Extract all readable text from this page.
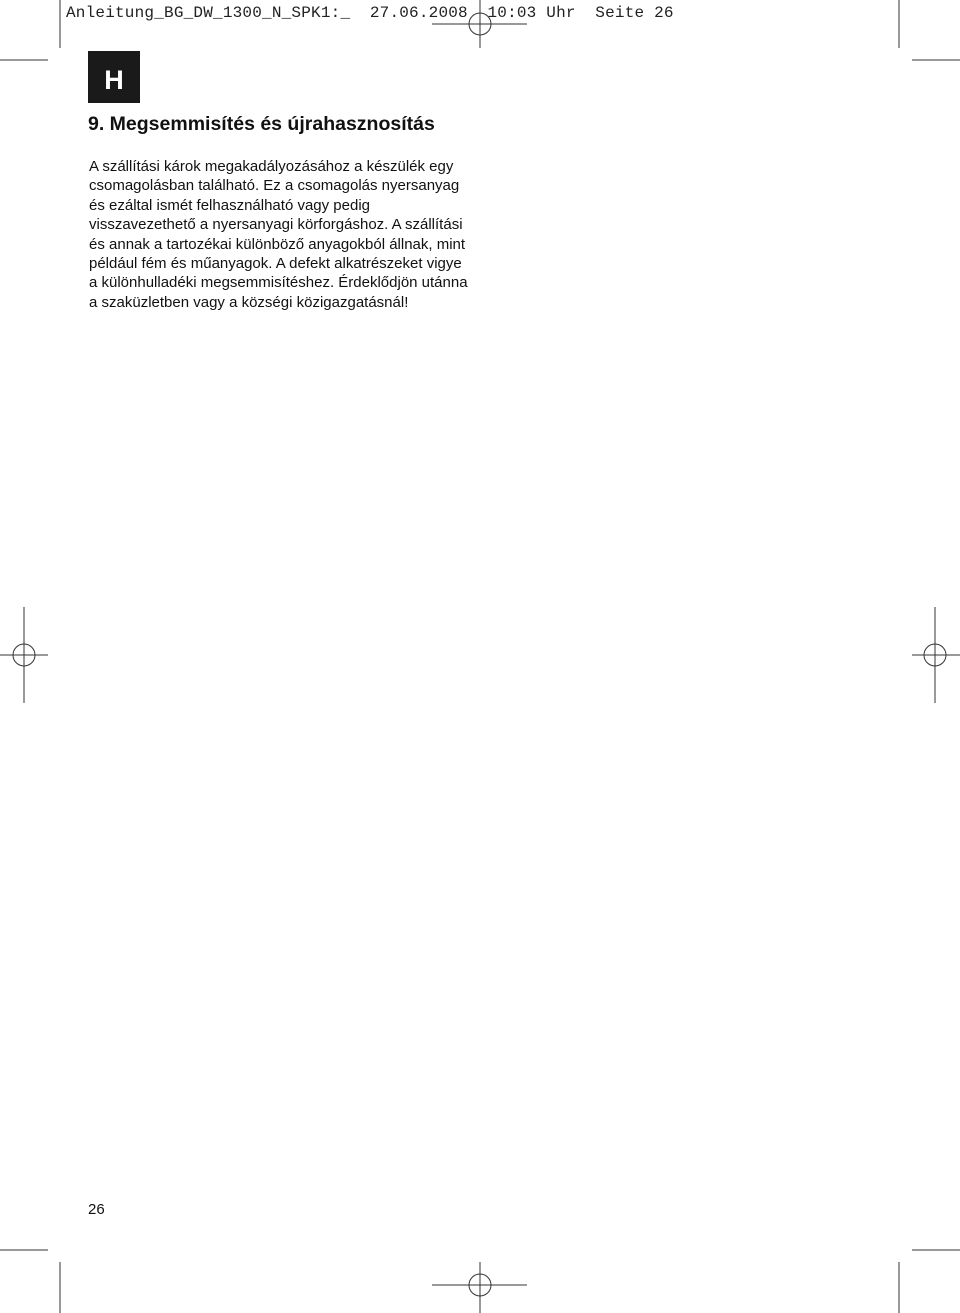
Anleitung_BG_DW_1300_N_SPK1:_  27.06.2008  10:03 Uhr  Seite 26
H
9. Megsemmisítés és újrahasznosítás

A szállítási károk megakadályozásához a készülék egy csomagolásban található. Ez a csomagolás nyersanyag és ezáltal ismét felhasználható vagy pedig visszavezethető a nyersanyagi körforgáshoz. A szállítási és annak a tartozékai különböző anyagokból állnak, mint például fém és műanyagok. A defekt alkatrészeket vigye a különhulladéki megsemmisítéshez. Érdeklődjön utánna a szaküzletben vagy a községi közigazgatásnál!

26
